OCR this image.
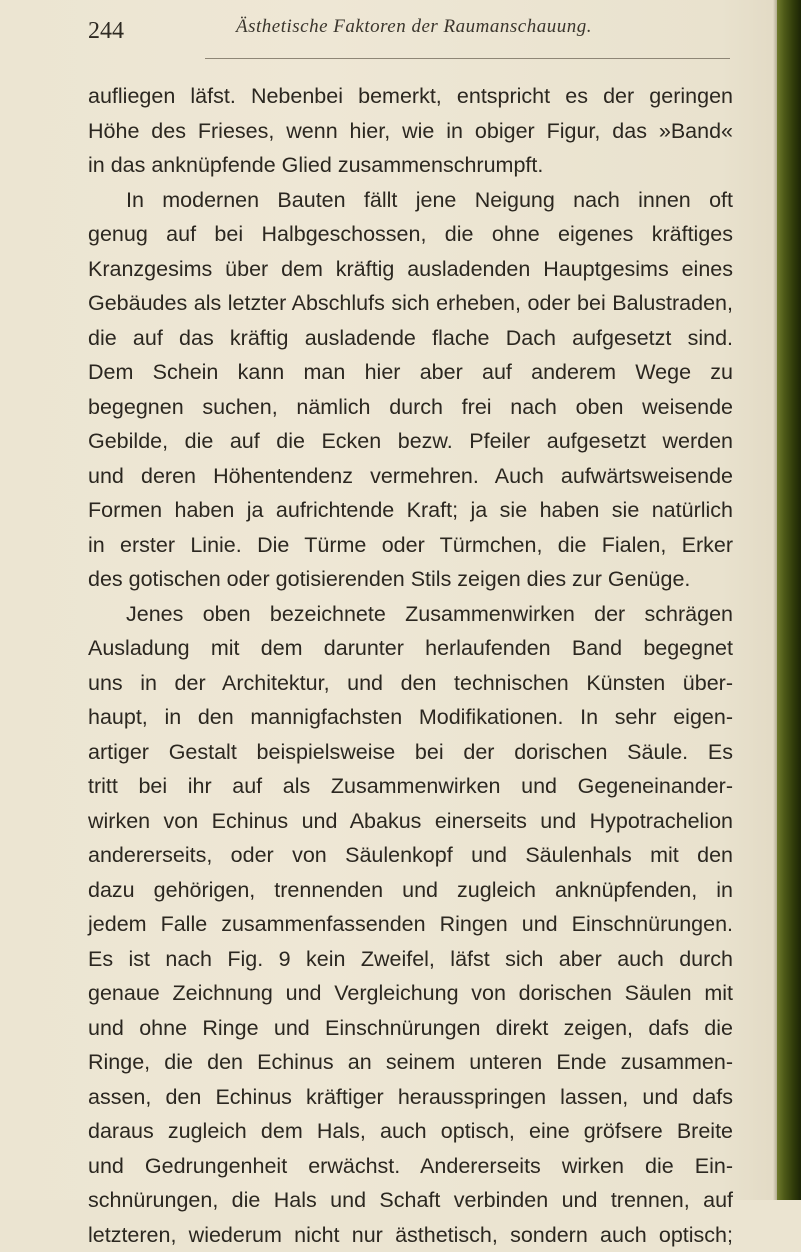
244	Ästhetische Faktoren der Raumanschauung.
aufliegen läfst. Nebenbei bemerkt, entspricht es der geringen
Höhe des Frieses, wenn hier, wie in obiger Figur, das »Band«
in das anknüpfende Glied zusammenschrumpft.
In modernen Bauten fällt jene Neigung nach innen oft
genug auf bei Halbgeschossen, die ohne eigenes kräftiges
Kranzgesims über dem kräftig ausladenden Hauptgesims eines
Gebäudes als letzter Abschlufs sich erheben, oder bei Balustraden,
die auf das kräftig ausladende flache Dach aufgesetzt sind.
Dem Schein kann man hier aber auf anderem Wege zu
begegnen suchen, nämlich durch frei nach oben weisende
Gebilde, die auf die Ecken bezw. Pfeiler aufgesetzt werden
und deren Höhentendenz vermehren. Auch aufwärtsweisende
Formen haben ja aufrichtende Kraft; ja sie haben sie natürlich
in erster Linie. Die Türme oder Türmchen, die Fialen, Erker
des gotischen oder gotisierenden Stils zeigen dies zur Genüge.
Jenes oben bezeichnete Zusammenwirken der schrägen
Ausladung mit dem darunter herlaufenden Band begegnet
uns in der Architektur, und den technischen Künsten über-
haupt, in den mannigfachsten Modifikationen. In sehr eigen-
artiger Gestalt beispielsweise bei der dorischen Säule. Es
tritt bei ihr auf als Zusammenwirken und Gegeneinander-
wirken von Echinus und Abakus einerseits und Hypotrachelion
andererseits, oder von Säulenkopf und Säulenhals mit den
dazu gehörigen, trennenden und zugleich anknüpfenden, in
jedem Falle zusammenfassenden Ringen und Einschnürungen.
Es ist nach Fig. 9 kein Zweifel, läfst sich aber auch durch
genaue Zeichnung und Vergleichung von dorischen Säulen mit
und ohne Ringe und Einschnürungen direkt zeigen, dafs die
Ringe, die den Echinus an seinem unteren Ende zusammen-
assen, den Echinus kräftiger herausspringen lassen, und dafs
daraus zugleich dem Hals, auch optisch, eine gröfsere Breite
und Gedrungenheit erwächst. Andererseits wirken die Ein-
schnürungen, die Hals und Schaft verbinden und trennen, auf
letzteren, wiederum nicht nur ästhetisch, sondern auch optisch;
